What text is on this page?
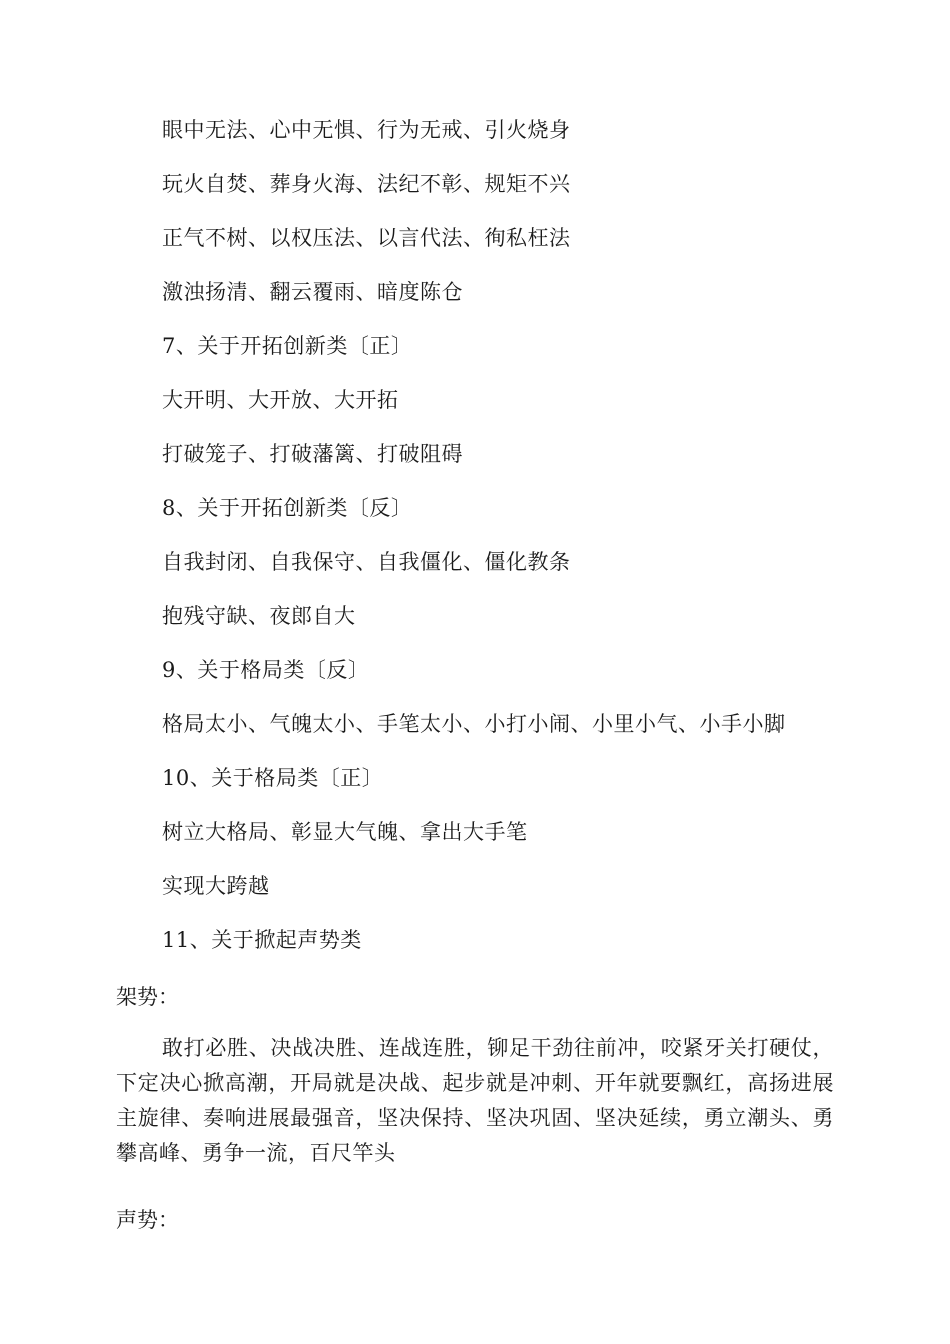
眼中无法、心中无惧、行为无戒、引火烧身
玩火自焚、葬身火海、法纪不彰、规矩不兴
正气不树、以权压法、以言代法、徇私枉法
激浊扬清、翻云覆雨、暗度陈仓
7、关于开拓创新类〔正〕
大开明、大开放、大开拓
打破笼子、打破藩篱、打破阻碍
8、关于开拓创新类〔反〕
自我封闭、自我保守、自我僵化、僵化教条
抱残守缺、夜郎自大
9、关于格局类〔反〕
格局太小、气魄太小、手笔太小、小打小闹、小里小气、小手小脚
10、关于格局类〔正〕
树立大格局、彰显大气魄、拿出大手笔
实现大跨越
11、关于掀起声势类
架势：
敢打必胜、决战决胜、连战连胜，铆足干劲往前冲，咬紧牙关打硬仗，下定决心掀高潮，开局就是决战、起步就是冲刺、开年就要飘红，高扬进展主旋律、奏响进展最强音，坚决保持、坚决巩固、坚决延续，勇立潮头、勇攀高峰、勇争一流，百尺竿头
声势：
